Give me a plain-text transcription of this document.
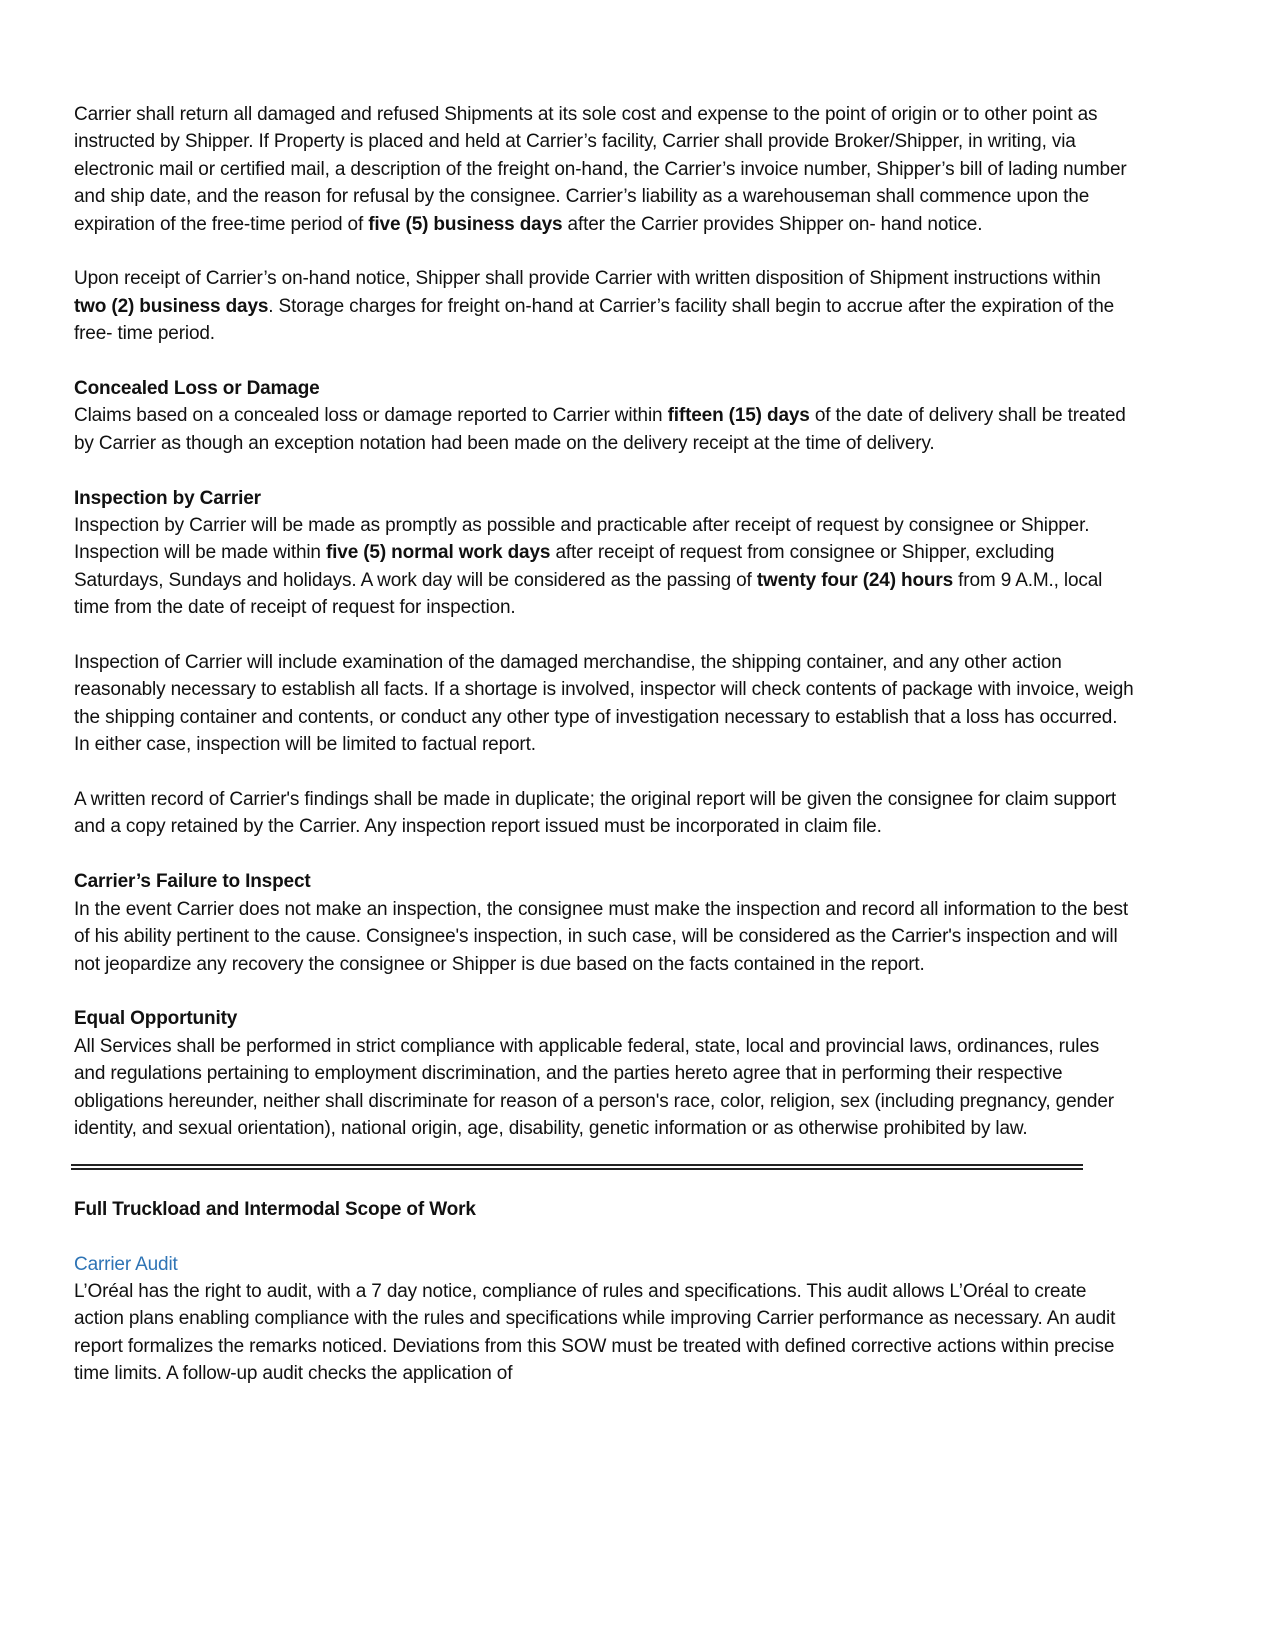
Carrier shall return all damaged and refused Shipments at its sole cost and expense to the point of origin or to other point as instructed by Shipper. If Property is placed and held at Carrier’s facility, Carrier shall provide Broker/Shipper, in writing, via electronic mail or certified mail, a description of the freight on-hand, the Carrier’s invoice number, Shipper’s bill of lading number and ship date, and the reason for refusal by the consignee. Carrier’s liability as a warehouseman shall commence upon the expiration of the free-time period of five (5) business days after the Carrier provides Shipper on- hand notice.

Upon receipt of Carrier’s on-hand notice, Shipper shall provide Carrier with written disposition of Shipment instructions within two (2) business days. Storage charges for freight on-hand at Carrier’s facility shall begin to accrue after the expiration of the free- time period.

Concealed Loss or Damage
Claims based on a concealed loss or damage reported to Carrier within fifteen (15) days of the date of delivery shall be treated by Carrier as though an exception notation had been made on the delivery receipt at the time of delivery.

Inspection by Carrier
Inspection by Carrier will be made as promptly as possible and practicable after receipt of request by consignee or Shipper. Inspection will be made within five (5) normal work days after receipt of request from consignee or Shipper, excluding Saturdays, Sundays and holidays. A work day will be considered as the passing of twenty four (24) hours from 9 A.M., local time from the date of receipt of request for inspection.

Inspection of Carrier will include examination of the damaged merchandise, the shipping container, and any other action reasonably necessary to establish all facts. If a shortage is involved, inspector will check contents of package with invoice, weigh the shipping container and contents, or conduct any other type of investigation necessary to establish that a loss has occurred. In either case, inspection will be limited to factual report.

A written record of Carrier's findings shall be made in duplicate; the original report will be given the consignee for claim support and a copy retained by the Carrier. Any inspection report issued must be incorporated in claim file.

Carrier’s Failure to Inspect
In the event Carrier does not make an inspection, the consignee must make the inspection and record all information to the best of his ability pertinent to the cause. Consignee's inspection, in such case, will be considered as the Carrier's inspection and will not jeopardize any recovery the consignee or Shipper is due based on the facts contained in the report.

Equal Opportunity
All Services shall be performed in strict compliance with applicable federal, state, local and provincial laws, ordinances, rules and regulations pertaining to employment discrimination, and the parties hereto agree that in performing their respective obligations hereunder, neither shall discriminate for reason of a person's race, color, religion, sex (including pregnancy, gender identity, and sexual orientation), national origin, age, disability, genetic information or as otherwise prohibited by law.

Full Truckload and Intermodal Scope of Work

Carrier Audit
L’Oréal has the right to audit, with a 7 day notice, compliance of rules and specifications. This audit allows L’Oréal to create action plans enabling compliance with the rules and specifications while improving Carrier performance as necessary. An audit report formalizes the remarks noticed. Deviations from this SOW must be treated with defined corrective actions within precise time limits. A follow-up audit checks the application of
